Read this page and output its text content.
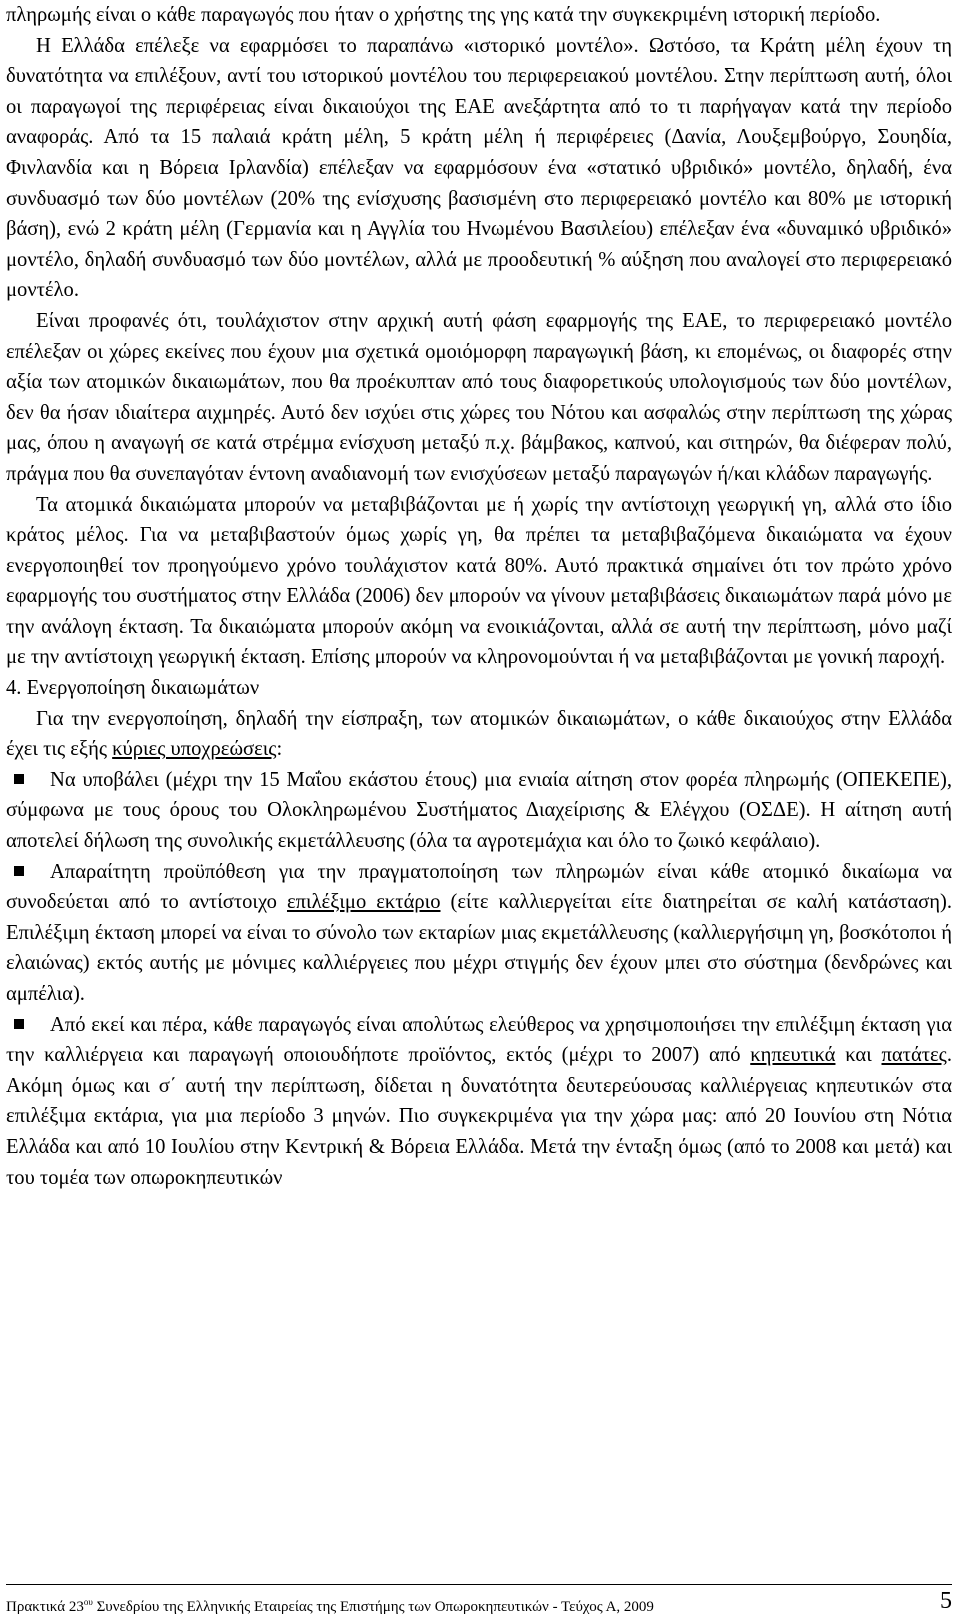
πληρωμής είναι ο κάθε παραγωγός που ήταν ο χρήστης της γης κατά την συγκεκριμένη ιστορική περίοδο.

Η Ελλάδα επέλεξε να εφαρμόσει το παραπάνω «ιστορικό μοντέλο». Ωστόσο, τα Κράτη μέλη έχουν τη δυνατότητα να επιλέξουν, αντί του ιστορικού μοντέλου του περιφερειακού μοντέλου. Στην περίπτωση αυτή, όλοι οι παραγωγοί της περιφέρειας είναι δικαιούχοι της ΕΑΕ ανεξάρτητα από το τι παρήγαγαν κατά την περίοδο αναφοράς. Από τα 15 παλαιά κράτη μέλη, 5 κράτη μέλη ή περιφέρειες (Δανία, Λουξεμβούργο, Σουηδία, Φινλανδία και η Βόρεια Ιρλανδία) επέλεξαν να εφαρμόσουν ένα «στατικό υβριδικό» μοντέλο, δηλαδή, ένα συνδυασμό των δύο μοντέλων (20% της ενίσχυσης βασισμένη στο περιφερειακό μοντέλο και 80% με ιστορική βάση), ενώ 2 κράτη μέλη (Γερμανία και η Αγγλία του Ηνωμένου Βασιλείου) επέλεξαν ένα «δυναμικό υβριδικό» μοντέλο, δηλαδή συνδυασμό των δύο μοντέλων, αλλά με προοδευτική % αύξηση που αναλογεί στο περιφερειακό μοντέλο.

Είναι προφανές ότι, τουλάχιστον στην αρχική αυτή φάση εφαρμογής της ΕΑΕ, το περιφερειακό μοντέλο επέλεξαν οι χώρες εκείνες που έχουν μια σχετικά ομοιόμορφη παραγωγική βάση, κι επομένως, οι διαφορές στην αξία των ατομικών δικαιωμάτων, που θα προέκυπταν από τους διαφορετικούς υπολογισμούς των δύο μοντέλων, δεν θα ήσαν ιδιαίτερα αιχμηρές. Αυτό δεν ισχύει στις χώρες του Νότου και ασφαλώς στην περίπτωση της χώρας μας, όπου η αναγωγή σε κατά στρέμμα ενίσχυση μεταξύ π.χ. βάμβακος, καπνού, και σιτηρών, θα διέφεραν πολύ, πράγμα που θα συνεπαγόταν έντονη αναδιανομή των ενισχύσεων μεταξύ παραγωγών ή/και κλάδων παραγωγής.

Τα ατομικά δικαιώματα μπορούν να μεταβιβάζονται με ή χωρίς την αντίστοιχη γεωργική γη, αλλά στο ίδιο κράτος μέλος. Για να μεταβιβαστούν όμως χωρίς γη, θα πρέπει τα μεταβιβαζόμενα δικαιώματα να έχουν ενεργοποιηθεί τον προηγούμενο χρόνο τουλάχιστον κατά 80%. Αυτό πρακτικά σημαίνει ότι τον πρώτο χρόνο εφαρμογής του συστήματος στην Ελλάδα (2006) δεν μπορούν να γίνουν μεταβιβάσεις δικαιωμάτων παρά μόνο με την ανάλογη έκταση. Τα δικαιώματα μπορούν ακόμη να ενοικιάζονται, αλλά σε αυτή την περίπτωση, μόνο μαζί με την αντίστοιχη γεωργική έκταση. Επίσης μπορούν να κληρονομούνται ή να μεταβιβάζονται με γονική παροχή.

4. Ενεργοποίηση δικαιωμάτων

Για την ενεργοποίηση, δηλαδή την είσπραξη, των ατομικών δικαιωμάτων, ο κάθε δικαιούχος στην Ελλάδα έχει τις εξής κύριες υποχρεώσεις:

Να υποβάλει (μέχρι την 15 Μαΐου εκάστου έτους) μια ενιαία αίτηση στον φορέα πληρωμής (ΟΠΕΚΕΠΕ), σύμφωνα με τους όρους του Ολοκληρωμένου Συστήματος Διαχείρισης & Ελέγχου (ΟΣΔΕ). Η αίτηση αυτή αποτελεί δήλωση της συνολικής εκμετάλλευσης (όλα τα αγροτεμάχια και όλο το ζωικό κεφάλαιο).

Απαραίτητη προϋπόθεση για την πραγματοποίηση των πληρωμών είναι κάθε ατομικό δικαίωμα να συνοδεύεται από το αντίστοιχο επιλέξιμο εκτάριο (είτε καλλιεργείται είτε διατηρείται σε καλή κατάσταση). Επιλέξιμη έκταση μπορεί να είναι το σύνολο των εκταρίων μιας εκμετάλλευσης (καλλιεργήσιμη γη, βοσκότοποι ή ελαιώνας) εκτός αυτής με μόνιμες καλλιέργειες που μέχρι στιγμής δεν έχουν μπει στο σύστημα (δενδρώνες και αμπέλια).

Από εκεί και πέρα, κάθε παραγωγός είναι απολύτως ελεύθερος να χρησιμοποιήσει την επιλέξιμη έκταση για την καλλιέργεια και παραγωγή οποιουδήποτε προϊόντος, εκτός (μέχρι το 2007) από κηπευτικά και πατάτες. Ακόμη όμως και σ΄ αυτή την περίπτωση, δίδεται η δυνατότητα δευτερεύουσας καλλιέργειας κηπευτικών στα επιλέξιμα εκτάρια, για μια περίοδο 3 μηνών. Πιο συγκεκριμένα για την χώρα μας: από 20 Ιουνίου στη Νότια Ελλάδα και από 10 Ιουλίου στην Κεντρική & Βόρεια Ελλάδα. Μετά την ένταξη όμως (από το 2008 και μετά) και του τομέα των οπωροκηπευτικών

Πρακτικά $23^{o\upsilon}$ Συνεδρίου της Ελληνικής Εταιρείας της Επιστήμης των Οπωροκηπευτικών - Τεύχος Α, 2009	5
